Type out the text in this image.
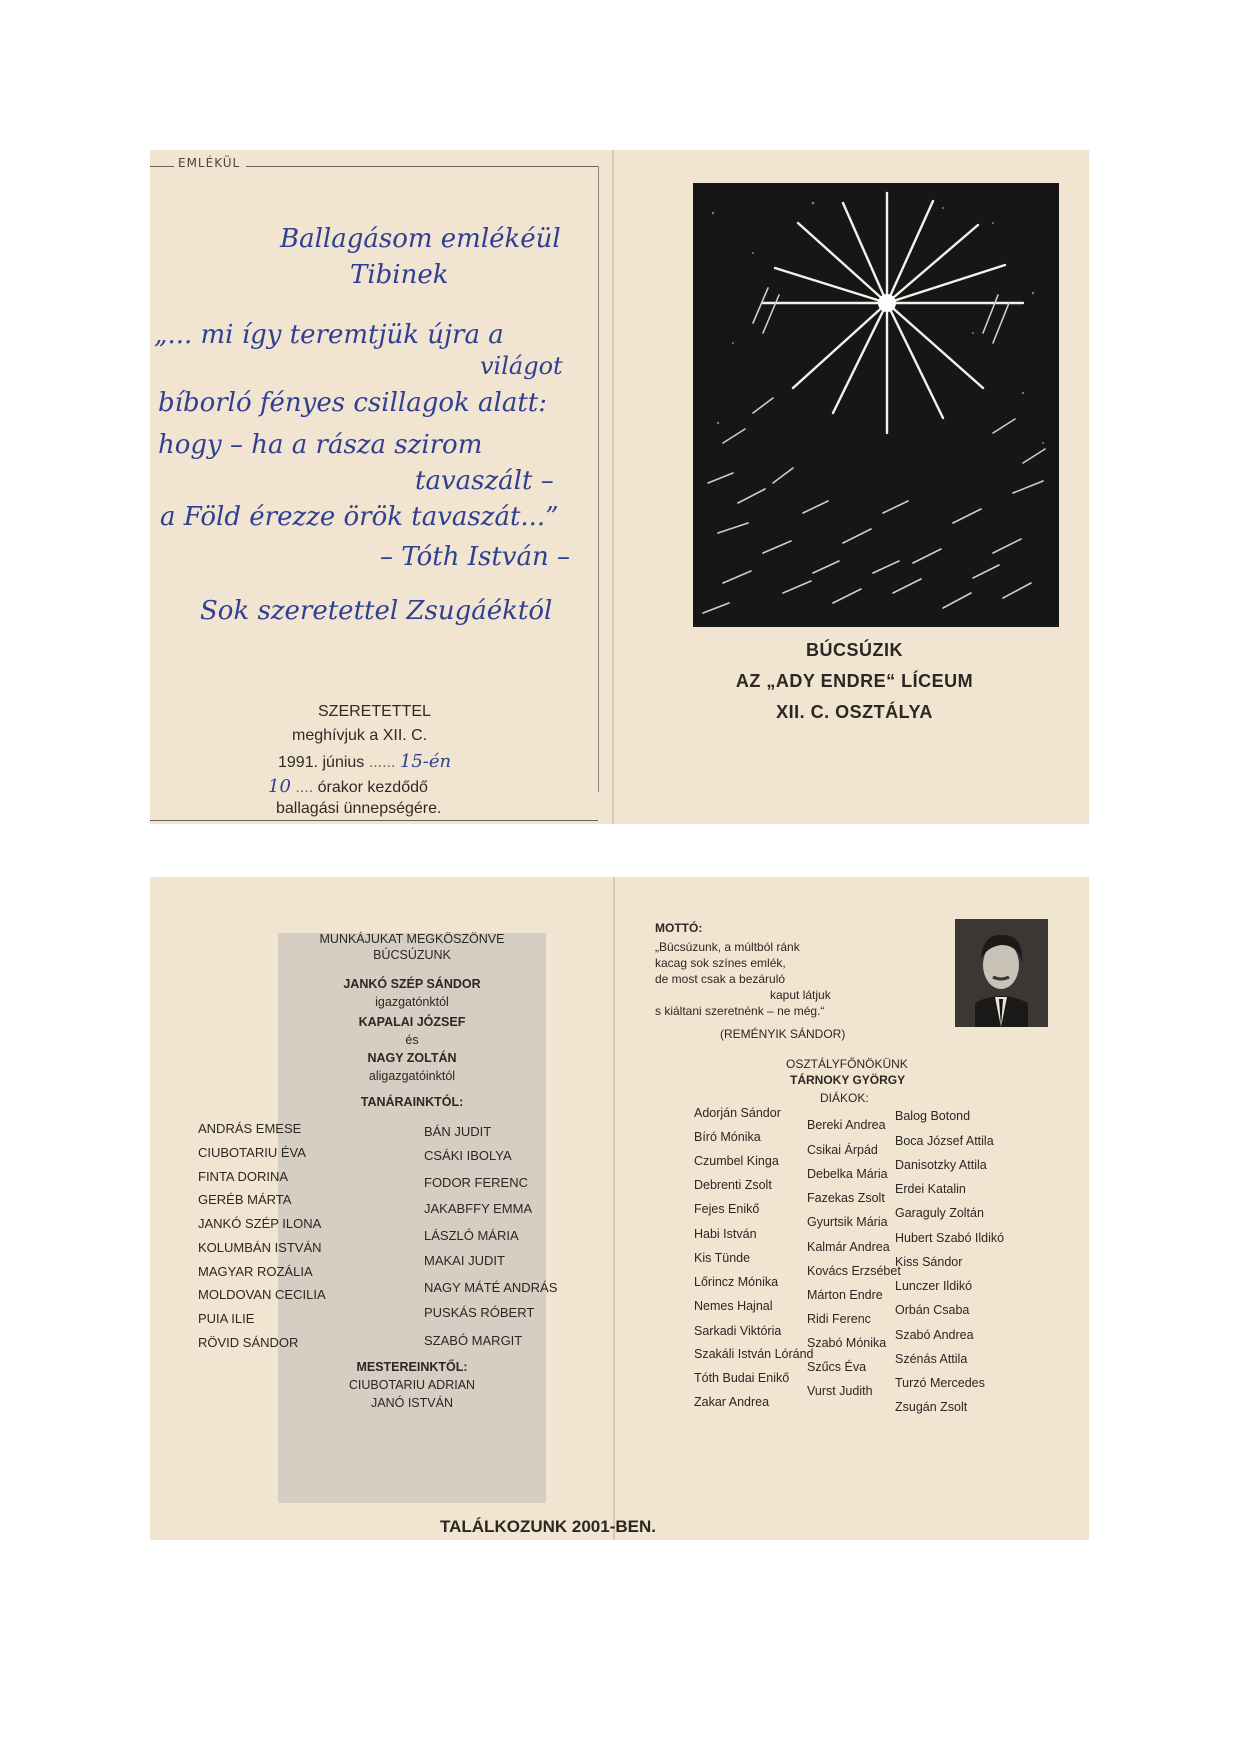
EMLÉKÜL
Ballagásom emlékéül
Tibinek
„... mi így teremtjük újra a
világot
bíborló fényes csillagok alatt:
hogy – ha a rásza szirom
tavaszált –
a Föld érezze örök tavaszát...”
– Tóth István –
Sok szeretettel Zsugáéktól
SZERETETTEL
meghívjuk a XII. C.
1991. június ...... 15-én
10 .... órakor kezdődő
ballagási ünnepségére.
BÚCSÚZIK
AZ „ADY ENDRE“ LÍCEUM
XII. C. OSZTÁLYA
MUNKÁJUKAT MEGKÖSZÖNVE
BÚCSÚZUNK
JANKÓ SZÉP SÁNDOR
igazgatónktól
KAPALAI JÓZSEF
és
NAGY ZOLTÁN
aligazgatóinktól
TANÁRAINKTÓL:
ANDRÁS EMESE
CIUBOTARIU ÉVA
FINTA DORINA
GERÉB MÁRTA
JANKÓ SZÉP ILONA
KOLUMBÁN ISTVÁN
MAGYAR ROZÁLIA
MOLDOVAN CECILIA
PUIA ILIE
RÖVID SÁNDOR
BÁN JUDIT
CSÁKI IBOLYA
FODOR FERENC
JAKABFFY EMMA
LÁSZLÓ MÁRIA
MAKAI JUDIT
NAGY MÁTÉ ANDRÁS
PUSKÁS RÓBERT
SZABÓ MARGIT
MESTEREINKTŐL:
CIUBOTARIU ADRIAN
JANÓ ISTVÁN
TALÁLKOZUNK 2001-BEN.
MOTTÓ:
„Búcsúzunk, a múltból ránk
kacag sok színes emlék,
de most csak a bezáruló
kaput látjuk
s kiáltani szeretnénk – ne még.“
(REMÉNYIK SÁNDOR)
OSZTÁLYFŐNÖKÜNK
TÁRNOKY GYÖRGY
DIÁKOK:
Adorján Sándor
Bíró Mónika
Czumbel Kinga
Debrenti Zsolt
Fejes Enikő
Habi István
Kis Tünde
Lőrincz Mónika
Nemes Hajnal
Sarkadi Viktória
Szakáli István Lóránd
Tóth Budai Enikő
Zakar Andrea
Bereki Andrea
Csikai Árpád
Debelka Mária
Fazekas Zsolt
Gyurtsik Mária
Kalmár Andrea
Kovács Erzsébet
Márton Endre
Ridi Ferenc
Szabó Mónika
Szűcs Éva
Vurst Judith
Balog Botond
Boca József Attila
Danisotzky Attila
Erdei Katalin
Garaguly Zoltán
Hubert Szabó Ildikó
Kiss Sándor
Lunczer Ildikó
Orbán Csaba
Szabó Andrea
Szénás Attila
Turzó Mercedes
Zsugán Zsolt
